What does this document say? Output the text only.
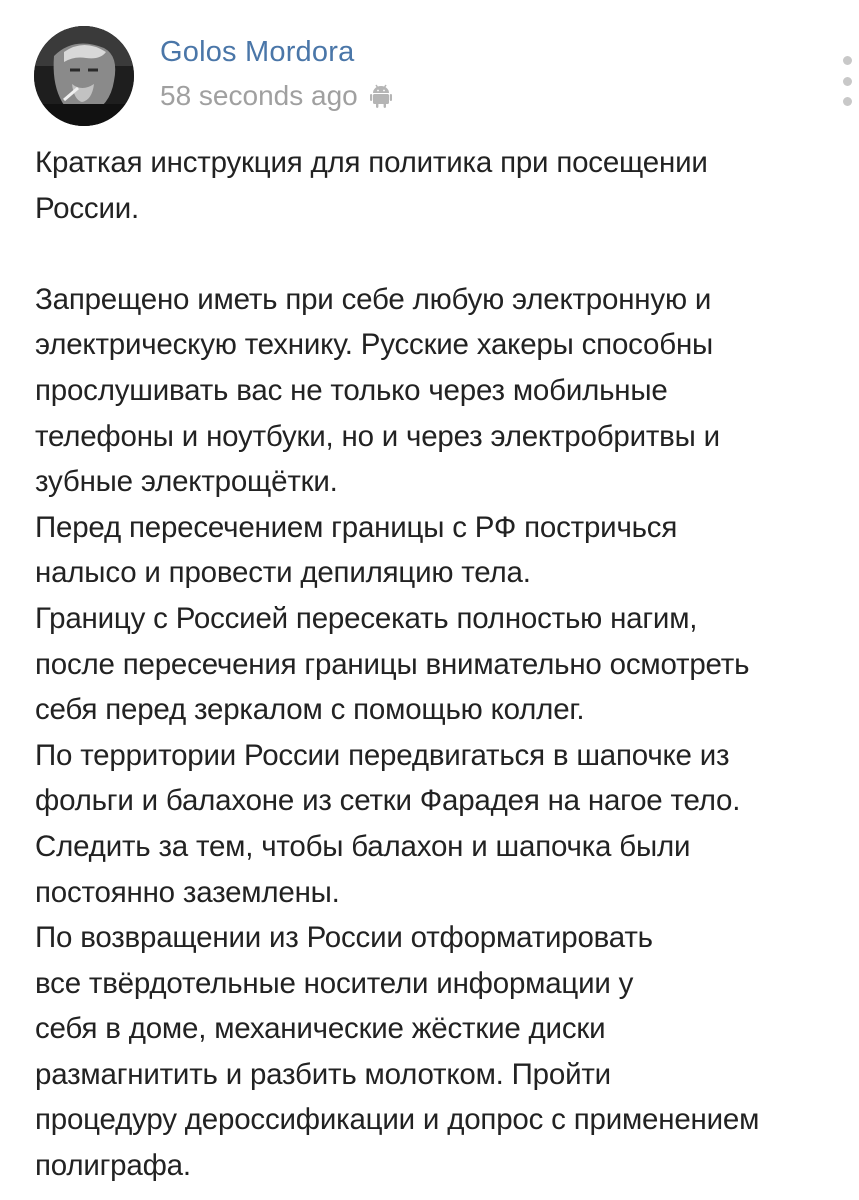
Golos Mordora
58 seconds ago
Краткая инструкция для политика при посещении
России.

Запрещено иметь при себе любую электронную и
электрическую технику. Русские хакеры способны
прослушивать вас не только через мобильные
телефоны и ноутбуки, но и через электробритвы и
зубные электрощётки.
Перед пересечением границы с РФ постричься
налысо и провести депиляцию тела.
Границу с Россией пересекать полностью нагим,
после пересечения границы внимательно осмотреть
себя перед зеркалом с помощью коллег.
По территории России передвигаться в шапочке из
фольги и балахоне из сетки Фарадея на нагое тело.
Следить за тем, чтобы балахон и шапочка были
постоянно заземлены.
По возвращении из России отформатировать
все твёрдотельные носители информации у
себя в доме, механические жёсткие диски
размагнитить и разбить молотком. Пройти
процедуру дероссификации и допрос с применением
полиграфа.
